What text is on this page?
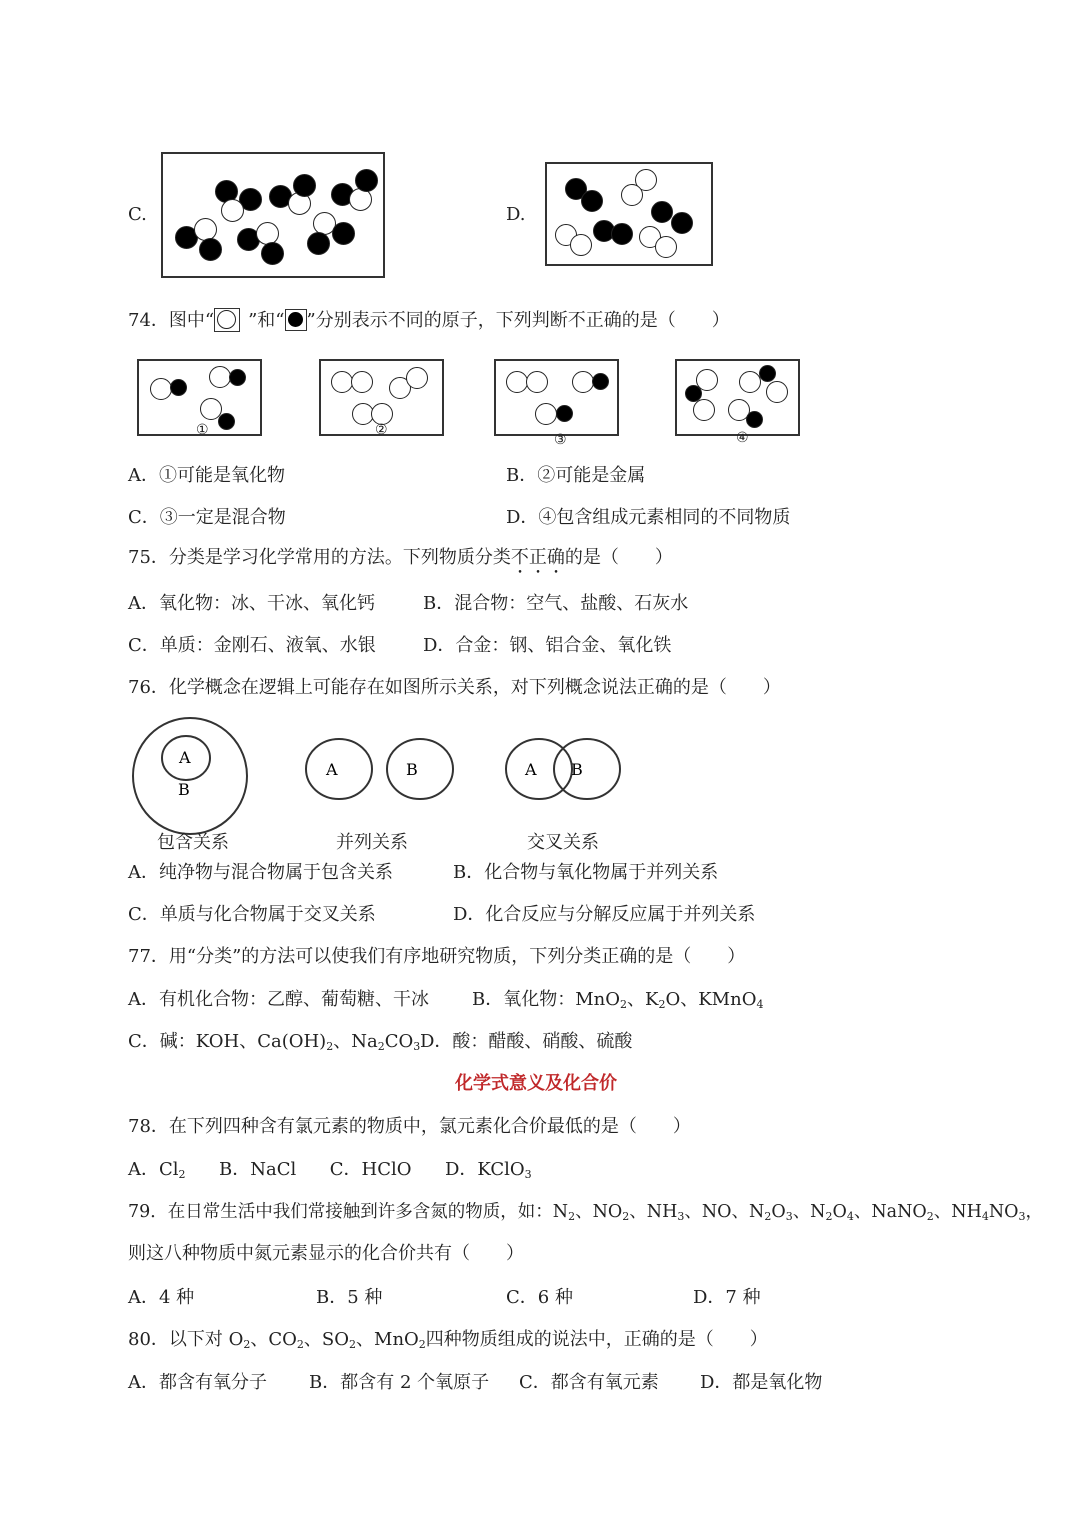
C.	D.
74．图中“ ”和“ ”分别表示不同的原子，下列判断不正确的是（　　）
①	②
③	④
A．①可能是氧化物	B．②可能是金属
C．③一定是混合物	D．④包含组成元素相同的不同物质
75．分类是学习化学常用的方法。下列物质分类不正确的是（　　）
A．氧化物：冰、干冰、氧化钙	B．混合物：空气、盐酸、石灰水
C．单质：金刚石、液氧、水银	D．合金：钢、铝合金、氧化铁
76．化学概念在逻辑上可能存在如图所示关系，对下列概念说法正确的是（　　）
A
B
A	B	A B
包含关系	并列关系	交叉关系
A．纯净物与混合物属于包含关系	B．化合物与氧化物属于并列关系
C．单质与化合物属于交叉关系	D．化合反应与分解反应属于并列关系
77．用“分类”的方法可以使我们有序地研究物质，下列分类正确的是（　　）
A．有机化合物：乙醇、葡萄糖、干冰 B．氧化物：MnO$_2$、$K_2O$、KMnO$_4$
C．碱：KOH、$Ca(OH)_2$、$Na_2CO_3$ D．酸：醋酸、硝酸、硫酸
化学式意义及化合价
78．在下列四种含有氯元素的物质中，氯元素化合价最低的是（　　）
A．$Cl_2$ B．NaCl C．HClO D．KClO$_3$
79．在日常生活中我们常接触到许多含氮的物质，如：$N_2$、$NO_2$、$NH_3$、NO、$N_2O_3$、$N_2O_4$、NaNO$_2$、$NH_4NO_3$，
则这八种物质中氮元素显示的化合价共有（　　）
A．4 种	B．5 种	C．6 种	D．7 种
80．以下对 $O_2$、$CO_2$、$SO_2$、MnO$_2$四种物质组成的说法中，正确的是（　　）
A．都含有氧分子 B．都含有 2 个氧原子 C．都含有氧元素 D．都是氧化物
